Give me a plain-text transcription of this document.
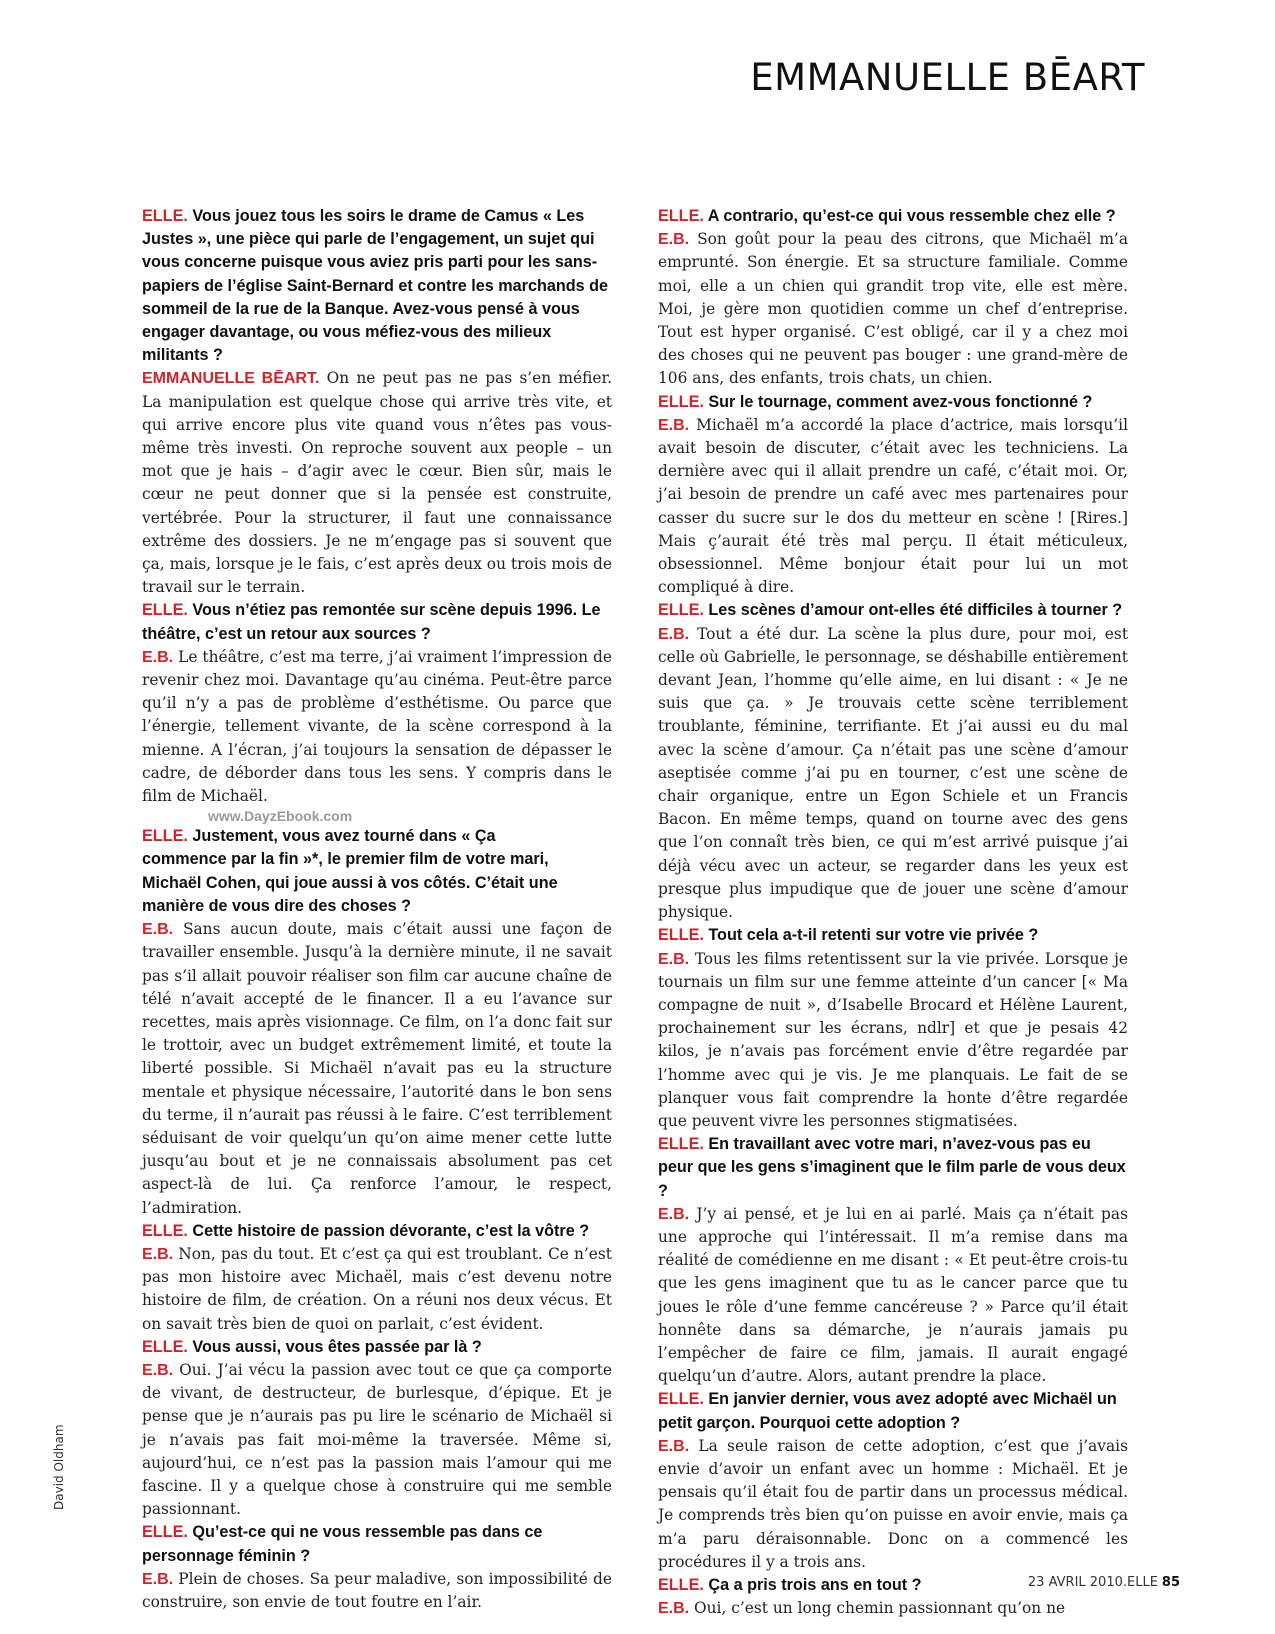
EMMANUELLE BĒART

ELLE. Vous jouez tous les soirs le drame de Camus « Les Justes », une pièce qui parle de l’engagement, un sujet qui vous concerne puisque vous aviez pris parti pour les sans-papiers de l’église Saint-Bernard et contre les marchands de sommeil de la rue de la Banque. Avez-vous pensé à vous engager davantage, ou vous méfiez-vous des milieux militants ?

EMMANUELLE BĒART. On ne peut pas ne pas s’en méfier. La manipulation est quelque chose qui arrive très vite, et qui arrive encore plus vite quand vous n’êtes pas vous-même très investi. On reproche souvent aux people – un mot que je hais – d’agir avec le cœur. Bien sûr, mais le cœur ne peut donner que si la pensée est construite, vertébrée. Pour la structurer, il faut une connaissance extrême des dossiers. Je ne m’engage pas si souvent que ça, mais, lorsque je le fais, c’est après deux ou trois mois de travail sur le terrain.

ELLE. Vous n’étiez pas remontée sur scène depuis 1996. Le théâtre, c’est un retour aux sources ?

E.B. Le théâtre, c’est ma terre, j’ai vraiment l’impression de revenir chez moi. Davantage qu’au cinéma. Peut-être parce qu’il n’y a pas de problème d’esthétisme. Ou parce que l’énergie, tellement vivante, de la scène correspond à la mienne. A l’écran, j’ai toujours la sensation de dépasser le cadre, de déborder dans tous les sens. Y compris dans le film de Michaël.

www.DayzEbook.com

ELLE. Justement, vous avez tourné dans « Ça commence par la fin »*, le premier film de votre mari, Michaël Cohen, qui joue aussi à vos côtés. C’était une manière de vous dire des choses ?

E.B. Sans aucun doute, mais c’était aussi une façon de travailler ensemble. Jusqu’à la dernière minute, il ne savait pas s’il allait pouvoir réaliser son film car aucune chaîne de télé n’avait accepté de le financer. Il a eu l’avance sur recettes, mais après visionnage. Ce film, on l’a donc fait sur le trottoir, avec un budget extrêmement limité, et toute la liberté possible. Si Michaël n’avait pas eu la structure mentale et physique nécessaire, l’autorité dans le bon sens du terme, il n’aurait pas réussi à le faire. C’est terriblement séduisant de voir quelqu’un qu’on aime mener cette lutte jusqu’au bout et je ne connaissais absolument pas cet aspect-là de lui. Ça renforce l’amour, le respect, l’admiration.

ELLE. Cette histoire de passion dévorante, c’est la vôtre ?

E.B. Non, pas du tout. Et c’est ça qui est troublant. Ce n’est pas mon histoire avec Michaël, mais c’est devenu notre histoire de film, de création. On a réuni nos deux vécus. Et on savait très bien de quoi on parlait, c’est évident.

ELLE. Vous aussi, vous êtes passée par là ?

E.B. Oui. J’ai vécu la passion avec tout ce que ça comporte de vivant, de destructeur, de burlesque, d’épique. Et je pense que je n’aurais pas pu lire le scénario de Michaël si je n’avais pas fait moi-même la traversée. Même si, aujourd’hui, ce n’est pas la passion mais l’amour qui me fascine. Il y a quelque chose à construire qui me semble passionnant.

ELLE. Qu’est-ce qui ne vous ressemble pas dans ce personnage féminin ?

E.B. Plein de choses. Sa peur maladive, son impossibilité de construire, son envie de tout foutre en l’air.

ELLE. A contrario, qu’est-ce qui vous ressemble chez elle ?

E.B. Son goût pour la peau des citrons, que Michaël m’a emprunté. Son énergie. Et sa structure familiale. Comme moi, elle a un chien qui grandit trop vite, elle est mère. Moi, je gère mon quotidien comme un chef d’entreprise. Tout est hyper organisé. C’est obligé, car il y a chez moi des choses qui ne peuvent pas bouger : une grand-mère de 106 ans, des enfants, trois chats, un chien.

ELLE. Sur le tournage, comment avez-vous fonctionné ?

E.B. Michaël m’a accordé la place d’actrice, mais lorsqu’il avait besoin de discuter, c’était avec les techniciens. La dernière avec qui il allait prendre un café, c’était moi. Or, j’ai besoin de prendre un café avec mes partenaires pour casser du sucre sur le dos du metteur en scène ! [Rires.] Mais ç’aurait été très mal perçu. Il était méticuleux, obsessionnel. Même bonjour était pour lui un mot compliqué à dire.

ELLE. Les scènes d’amour ont-elles été difficiles à tourner ?

E.B. Tout a été dur. La scène la plus dure, pour moi, est celle où Gabrielle, le personnage, se déshabille entièrement devant Jean, l’homme qu’elle aime, en lui disant : « Je ne suis que ça. » Je trouvais cette scène terriblement troublante, féminine, terrifiante. Et j’ai aussi eu du mal avec la scène d’amour. Ça n’était pas une scène d’amour aseptisée comme j’ai pu en tourner, c’est une scène de chair organique, entre un Egon Schiele et un Francis Bacon. En même temps, quand on tourne avec des gens que l’on connaît très bien, ce qui m’est arrivé puisque j’ai déjà vécu avec un acteur, se regarder dans les yeux est presque plus impudique que de jouer une scène d’amour physique.

ELLE. Tout cela a-t-il retenti sur votre vie privée ?

E.B. Tous les films retentissent sur la vie privée. Lorsque je tournais un film sur une femme atteinte d’un cancer [« Ma compagne de nuit », d’Isabelle Brocard et Hélène Laurent, prochainement sur les écrans, ndlr] et que je pesais 42 kilos, je n’avais pas forcément envie d’être regardée par l’homme avec qui je vis. Je me planquais. Le fait de se planquer vous fait comprendre la honte d’être regardée que peuvent vivre les personnes stigmatisées.

ELLE. En travaillant avec votre mari, n’avez-vous pas eu peur que les gens s’imaginent que le film parle de vous deux ?

E.B. J’y ai pensé, et je lui en ai parlé. Mais ça n’était pas une approche qui l’intéressait. Il m’a remise dans ma réalité de comédienne en me disant : « Et peut-être crois-tu que les gens imaginent que tu as le cancer parce que tu joues le rôle d’une femme cancéreuse ? » Parce qu’il était honnête dans sa démarche, je n’aurais jamais pu l’empêcher de faire ce film, jamais. Il aurait engagé quelqu’un d’autre. Alors, autant prendre la place.

ELLE. En janvier dernier, vous avez adopté avec Michaël un petit garçon. Pourquoi cette adoption ?

E.B. La seule raison de cette adoption, c’est que j’avais envie d’avoir un enfant avec un homme : Michaël. Et je pensais qu’il était fou de partir dans un processus médical. Je comprends très bien qu’on puisse en avoir envie, mais ça m’a paru déraisonnable. Donc on a commencé les procédures il y a trois ans.

ELLE. Ça a pris trois ans en tout ?

E.B. Oui, c’est un long chemin passionnant qu’on ne

David Oldham
23 AVRIL 2010.ELLE 85
